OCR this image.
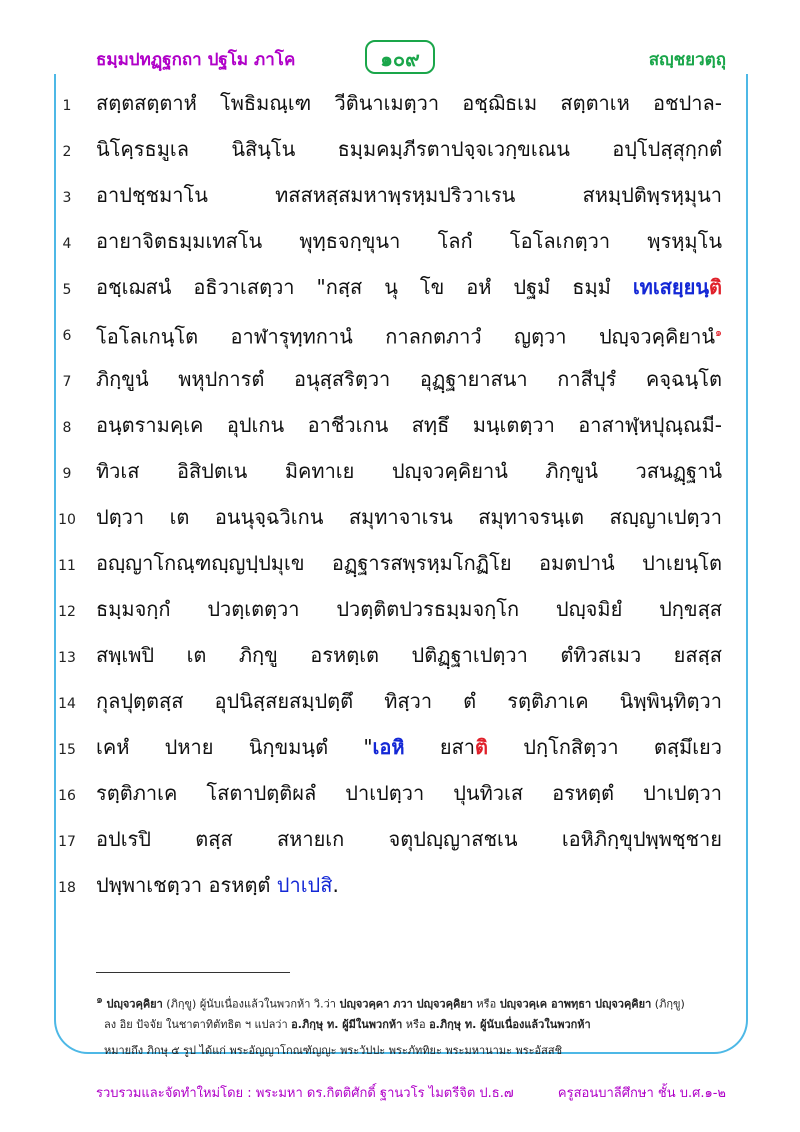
ธมฺมปทฏฺฐกถา ปฐโม ภาโค	๑๐๙	สญฺชยวตฺถุ
1	สตฺตสตฺตาหํ โพธิมณฺเฑ วีตินาเมตฺวา อชฺฌิธเม สตฺตาเห อชปาล-
2	นิโคฺรธมูเล นิสินฺโน ธมฺมคมฺภีรตาปจฺจเวกฺขเณน อปฺโปสฺสุกฺกตํ
3	อาปชฺชมาโน ทสสหสฺสมหาพฺรหฺมปริวาเรน สหมฺปติพฺรหฺมุนา
4	อายาจิตธมฺมเทสโน พุทฺธจกฺขุนา โลกํ โอโลเกตฺวา พฺรหฺมุโน
5	อชฺเฌสนํ อธิวาเสตฺวา "กสฺส นุ โข อหํ ปฐมํ ธมฺมํ เทเสยฺยนฺติ
6	โอโลเกนฺโต อาฬารุทฺทกานํ กาลกตภาวํ ญตฺวา ปญฺจวคฺคิยานํ$^๑$
7	ภิกฺขูนํ พหุปการตํ อนุสฺสริตฺวา อุฏฺฐายาสนา กาสีปุรํ คจฺฉนฺโต
8	อนฺตรามคฺเค อุปเกน อาชีวเกน สทฺธึ มนฺเตตฺวา อาสาฬฺหปุณฺณมี-
9	ทิวเส อิสิปตเน มิคทาเย ปญฺจวคฺคิยานํ ภิกฺขูนํ วสนฏฺฐานํ
10 ปตฺวา เต อนนุจฺฉวิเกน สมุทาจาเรน สมุทาจรนฺเต สญฺญาเปตฺวา
11 อญฺญาโกณฺฑญฺญปฺปมุเข อฏฺฐารสพฺรหฺมโกฏิโย อมตปานํ ปาเยนฺโต
12 ธมฺมจกฺกํ ปวตฺเตตฺวา ปวตฺติตปวรธมฺมจกฺโก ปญฺจมิยํ ปกฺขสฺส
13 สพฺเพปิ เต ภิกฺขู อรหตฺเต ปติฏฺฐาเปตฺวา ตํทิวสเมว ยสสฺส
14 กุลปุตฺตสฺส อุปนิสฺสยสมฺปตฺตึ ทิสฺวา ตํ รตฺติภาเค นิพฺพินฺทิตฺวา
15 เคหํ ปหาย นิกฺขมนฺตํ "เอหิ ยสาติ ปกฺโกสิตฺวา ตสฺมึเยว
16 รตฺติภาเค โสตาปตฺติผลํ ปาเปตฺวา ปุนทิวเส อรหตฺตํ ปาเปตฺวา
17 อปเรปิ ตสฺส สหายเก จตุปญฺญาสชเน เอหิภิกฺขุปพฺพชฺชาย
18 ปพฺพาเชตฺวา อรหตฺตํ ปาเปสิ.
๑ ปญฺจวคฺคิยา (ภิกฺขู) ผู้นับเนื่องแล้วในพวกห้า วิ.ว่า ปญฺจวคฺคา ภวา ปญฺจวคฺคิยา หรือ ปญฺจวคฺเค อาพทฺธา ปญฺจวคฺคิยา (ภิกฺขู)
ลง อิย ปัจจัย ในชาตาทิตัทธิต ฯ แปลว่า อ.ภิกฺษุ ท. ผู้มีในพวกห้า หรือ อ.ภิกฺษุ ท. ผู้นับเนื่องแล้วในพวกห้า
หมายถึง ภิกษุ ๕ รูป ได้แก่ พระอัญญาโกณฑัญญะ พระวัปปะ พระภัททิยะ พระมหานามะ พระอัสสชิ
รวบรวมและจัดทำใหม่โดย : พระมหา ดร.กิตติศักดิ์ ฐานวโร ไมตรีจิต ป.ธ.๗	ครูสอนบาลีศึกษา ชั้น บ.ศ.๑-๒
